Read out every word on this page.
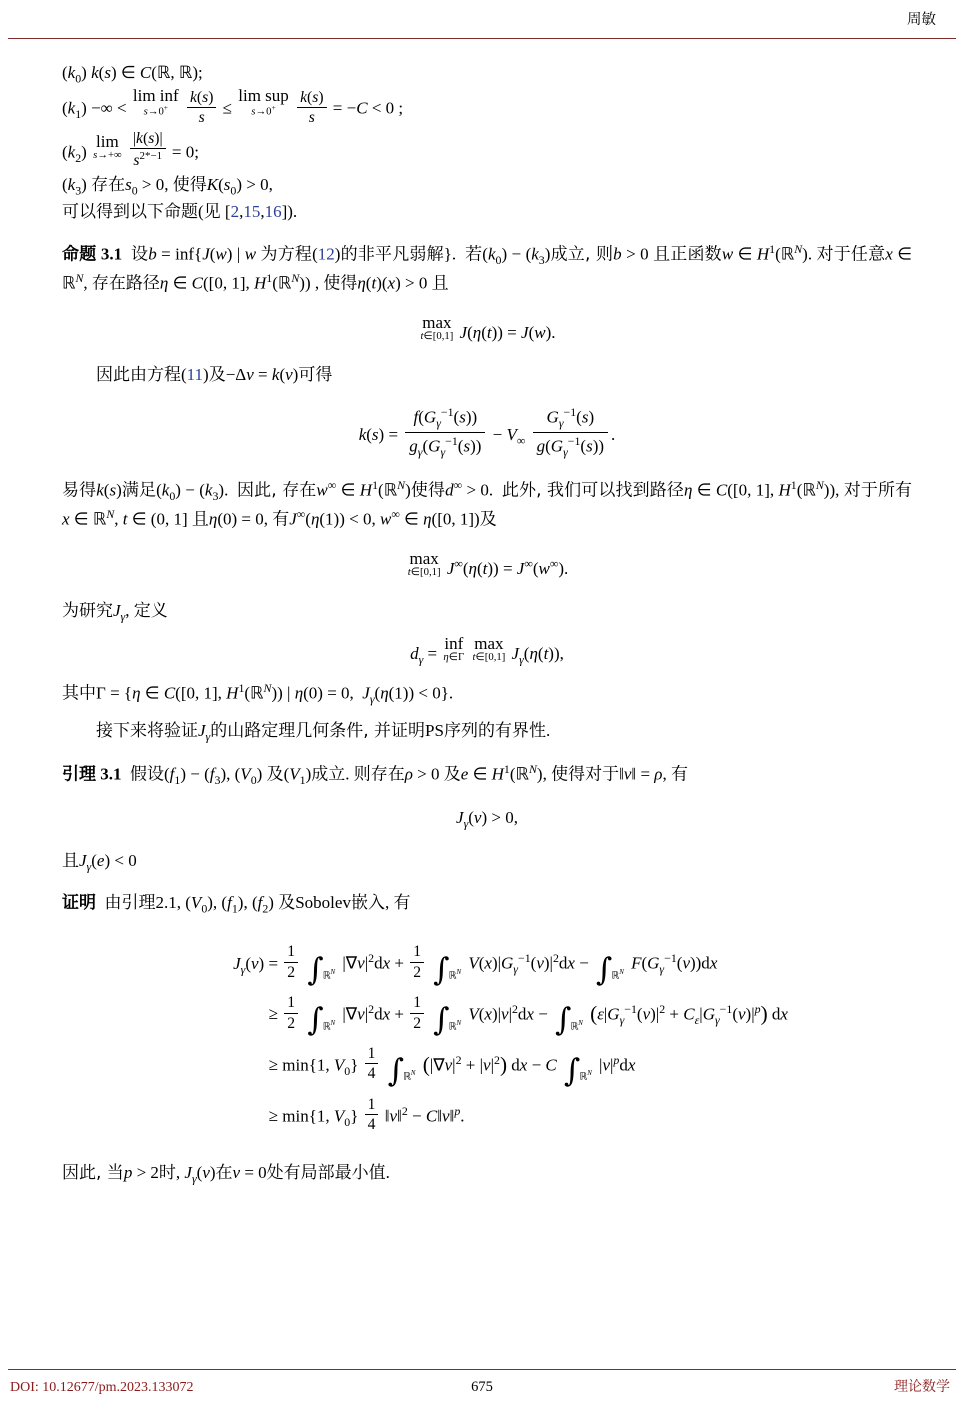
周敏
$(k_0)$ k(s) ∈ C(ℝ, ℝ);
$(k_1)$ −∞ <
lim inf
s→0+
	$\frac{k(s)}{s}$ ≤
lim sup
s→0+
	$\frac{k(s)}{s} = -C < 0$ ;
$(k_2)$
lim
s→+∞
$\frac{|k(s)|}{s^{2*-1}} = 0$;
$(k_3)$ 存在$s_0 > 0$, 使得$K(s_0) > 0$,
可以得到以下命题(见 [2,15,16]).
命题 3.1 设b = inf{J(w) | w 为方程(12)的非平凡弱解}.  若$(k_0) - (k_3)$成立, 则b > 0 且正函数w ∈ $H^1(ℝ^N)$. 对于任意x ∈ ℝ$^N$, 存在路径η ∈ C([0, 1], $H^1(ℝ^N)$) , 使得η(t)(x) > 0 且
max
t∈[0,1] J(η(t)) = J(w).
因此由方程(11)及−Δv = k(v)可得
$k(s) = \frac{f(G_\gamma^{-1}(s))}{g_\gamma(G_\gamma^{-1}(s))} - V_\infty \frac{G_\gamma^{-1}(s)}{g(G_\gamma^{-1}(s))}$ .
易得k(s)满足$(k_0) - (k_3)$.  因此, 存在w∞ ∈ $H^1(ℝ^N)$使得d∞ > 0.  此外, 我们可以找到路径η ∈ C([0, 1], $H^1(ℝ^N)$), 对于所有x ∈ ℝ$^N$, t ∈ (0, 1] 且η(0) = 0, 有J∞(η(1)) < 0, w∞ ∈ η([0, 1])及
max
t∈[0,1] J∞(η(t)) = J∞(w∞).
为研究$J_\gamma$, 定义
$d_\gamma$ =
inf
η∈Γ

max
t∈[0,1] $J_\gamma(\eta(t))$,
其中Γ = {η ∈ C([0, 1], $H^1(ℝ^N)$) | η(0) = 0,  $J_\gamma(\eta(1)) < 0$}.
接下来将验证$J_\gamma$的山路定理几何条件, 并证明PS序列的有界性.
引理 3.1 假设$(f_1) - (f_3)$, $(V_0)$ 及$(V_1)$成立. 则存在ρ > 0 及e ∈ $H^1(ℝ^N)$, 使得对于‖v‖ = ρ, 有
$J_\gamma(v) > 0$,
且$J_\gamma(e) < 0$
证明 由引理2.1, $(V_0)$, $(f_1)$, $(f_2)$ 及Sobolev嵌入, 有
$J_\gamma(v) = \frac{1}{2}$ ∫ℝ$^N$ $|\nabla v|^2dx + \frac{1}{2}$ ∫ℝ$^N$ $V(x)|G_\gamma^{-1}(v)|^2dx$ − ∫ℝ$^N$ $F(G_\gamma^{-1}(v))dx$
≥ $\frac{1}{2}$ ∫ℝ$^N$ $|\nabla v|^2dx + \frac{1}{2}$ ∫ℝ$^N$ $V(x)|v|^2dx$ − ∫ℝ$^N$ $(\varepsilon|G_\gamma^{-1}(v)|^2 + C_\varepsilon|G_\gamma^{-1}(v)|^p)$ dx
≥ min{1, $V_0\} \frac{1}{4}$ ∫ℝ$^N$ $(|\nabla v|^2 + |v|^2)$ dx − C ∫ℝ$^N$ $|v|^pdx$
≥ min{1, $V_0\} \frac{1}{4}$ ‖v‖$^2$ − C‖v‖$^p$.
因此, 当p > 2时, $J_\gamma(v)$在v = 0处有局部最小值.
DOI: 10.12677/pm.2023.133072	675	理论数学
